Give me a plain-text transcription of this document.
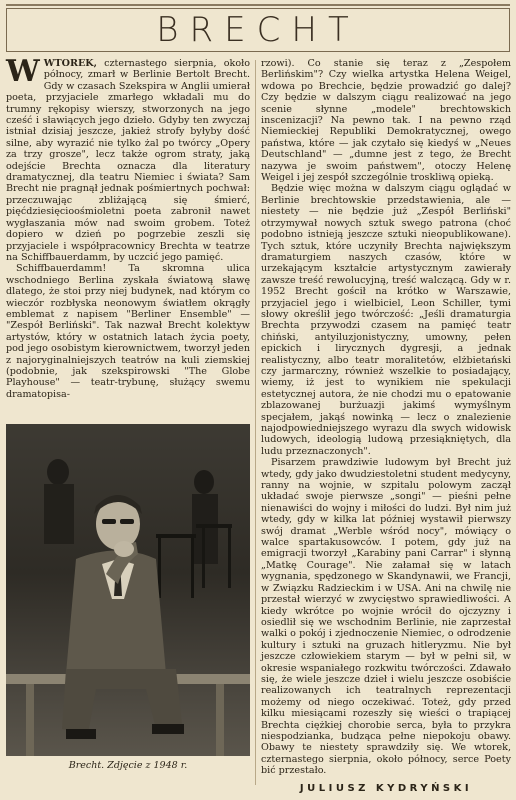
BRECHT

WWTOREK, czternastego sierpnia, około północy, zmarł w Berlinie Bertolt Brecht. Gdy w czasach Szekspira w Anglii umierał poeta, przyjaciele zmarłego wkładali mu do trumny rękopisy wierszy, stworzonych na jego cześć i sławiących jego dzieło. Gdyby ten zwyczaj istniał dzisiaj jeszcze, jakież strofy byłyby dość silne, aby wyrazić nie tylko żal po twórcy „Opery za trzy grosze", lecz także ogrom straty, jaką odejście Brechta oznacza dla literatury dramatycznej, dla teatru Niemiec i świata? Sam Brecht nie pragnął jednak pośmiertnych pochwał: przeczuwając zbliżającą się śmierć, pięćdziesięcioośmioletni poeta zabronił nawet wygłaszania mów nad swoim grobem. Toteż dopiero w dzień po pogrzebie zeszli się przyjaciele i współpracownicy Brechta w teatrze na Schiffbauerdamm, by uczcić jego pamięć.

Schiffbauerdamm! Ta skromna ulica wschodniego Berlina zyskała światową sławę dlatego, że stoi przy niej budynek, nad którym co wieczór rozbłyska neonowym światłem okrągły emblemat z napisem "Berliner Ensemble" — "Zespół Berliński". Tak nazwał Brecht kolektyw artystów, który w ostatnich latach życia poety, pod jego osobistym kierownictwem, tworzył jeden z najoryginalniejszych teatrów na kuli ziemskiej (podobnie, jak szekspirowski "The Globe Playhouse" — teatr-trybunę, służący swemu dramatopisa-

Brecht. Zdjęcie z 1948 r.

rzowi). Co stanie się teraz z „Zespołem Berlińskim"? Czy wielka artystka Helena Weigel, wdowa po Brechcie, będzie prowadzić go dalej? Czy będzie w dalszym ciągu realizować na jego scenie słynne „modele" brechtowskich inscenizacji? Na pewno tak. I na pewno rząd Niemieckiej Republiki Demokratycznej, owego państwa, które — jak czytało się kiedyś w „Neues Deutschland" — „dumne jest z tego, że Brecht nazywa je swoim państwem", otoczy Helenę Weigel i jej zespół szczególnie troskliwą opieką.

Będzie więc można w dalszym ciągu oglądać w Berlinie brechtowskie przedstawienia, ale — niestety — nie będzie już „Zespół Berliński" otrzymywał nowych sztuk swego patrona (choć podobno istnieją jeszcze sztuki nieopublikowane). Tych sztuk, które uczyniły Brechta największym dramaturgiem naszych czasów, które w urzekającym kształcie artystycznym zawierały zawsze treść rewolucyjną, treść walczącą. Gdy w r. 1952 Brecht gościł na krótko w Warszawie, przyjaciel jego i wielbiciel, Leon Schiller, tymi słowy określił jego twórczość: „Jeśli dramaturgia Brechta przywodzi czasem na pamięć teatr chiński, antyiluzjonistyczny, umowny, pełen epickich i lirycznych dygresji, a jednak realistyczny, albo teatr moralitetów, elżbietański czy jarmarczny, również wszelkie to posiadający, wiemy, iż jest to wynikiem nie spekulacji estetycznej autora, że nie chodzi mu o epatowanie zblazowanej burżuazji jakimś wymyślnym specjałem, jakąś nowinką — lecz o znalezienie najodpowiedniejszego wyrazu dla swych widowisk ludowych, ideologią ludową przesiąkniętych, dla ludu przeznaczonych".

Pisarzem prawdziwie ludowym był Brecht już wtedy, gdy jako dwudziestoletni student medycyny, ranny na wojnie, w szpitalu polowym zaczął układać swoje pierwsze „songi" — pieśni pełne nienawiści do wojny i miłości do ludzi. Był nim już wtedy, gdy w kilka lat później wystawił pierwszy swój dramat „Werble wśród nocy", mówiący o walce spartakusowców. I potem, gdy już na emigracji tworzył „Karabiny pani Carrar" i słynną „Matkę Courage". Nie załamał się w latach wygnania, spędzonego w Skandynawii, we Francji, w Związku Radzieckim i w USA. Ani na chwilę nie przestał wierzyć w zwycięstwo sprawiedliwości. A kiedy wkrótce po wojnie wrócił do ojczyzny i osiedlił się we wschodnim Berlinie, nie zaprzestał walki o pokój i zjednoczenie Niemiec, o odrodzenie kultury i sztuki na gruzach hitleryzmu. Nie był jeszcze człowiekiem starym — był w pełni sił, w okresie wspaniałego rozkwitu twórczości. Zdawało się, że wiele jeszcze dzieł i wielu jeszcze osobiście realizowanych ich teatralnych reprezentacji możemy od niego oczekiwać. Toteż, gdy przed kilku miesiącami rozeszły się wieści o trapiącej Brechta ciężkiej chorobie serca, była to przykra niespodzianka, budząca pełne niepokoju obawy. Obawy te niestety sprawdziły się. We wtorek, czternastego sierpnia, około północy, serce Poety bić przestało.

JULIUSZ KYDRYŃSKI
